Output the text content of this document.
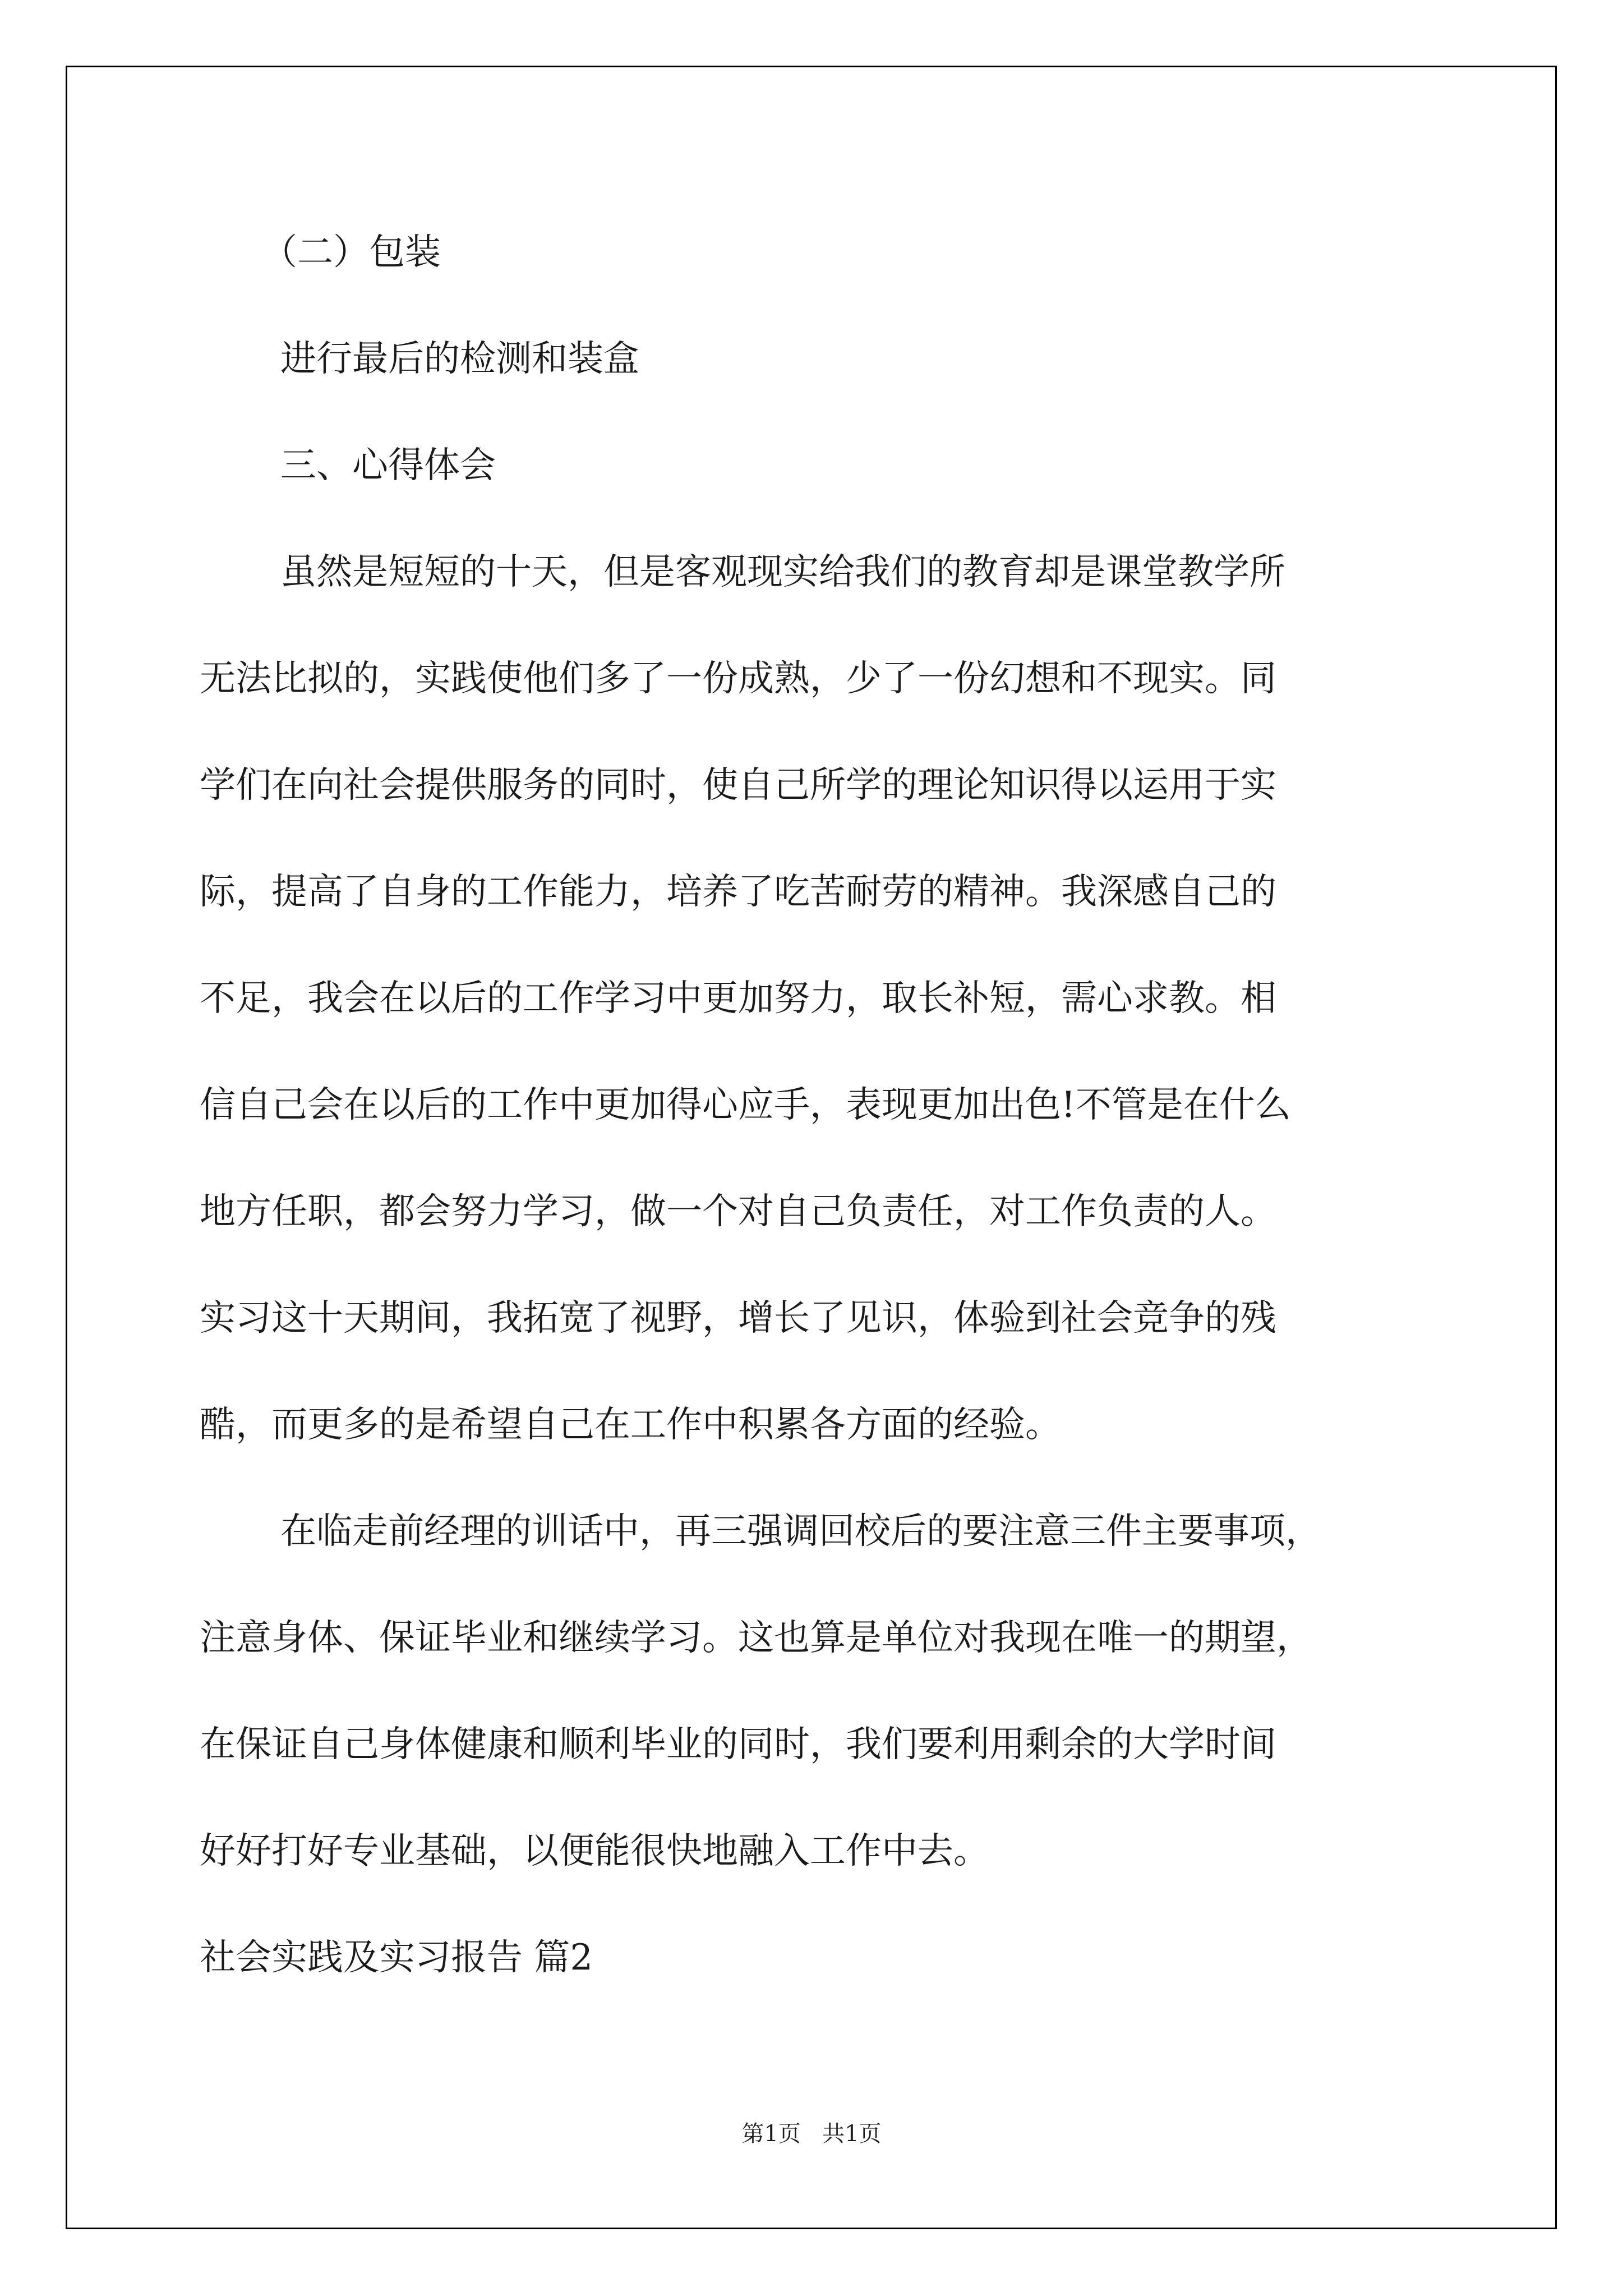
（二）包装

进行最后的检测和装盒

三、心得体会

虽然是短短的十天，但是客观现实给我们的教育却是课堂教学所

无法比拟的，实践使他们多了一份成熟，少了一份幻想和不现实。同

学们在向社会提供服务的同时，使自己所学的理论知识得以运用于实

际，提高了自身的工作能力，培养了吃苦耐劳的精神。我深感自己的

不足，我会在以后的工作学习中更加努力，取长补短，需心求教。相

信自己会在以后的工作中更加得心应手，表现更加出色!不管是在什么

地方任职，都会努力学习，做一个对自己负责任，对工作负责的人。

实习这十天期间，我拓宽了视野，增长了见识，体验到社会竞争的残

酷，而更多的是希望自己在工作中积累各方面的经验。

在临走前经理的训话中，再三强调回校后的要注意三件主要事项，

注意身体、保证毕业和继续学习。这也算是单位对我现在唯一的期望，

在保证自己身体健康和顺利毕业的同时，我们要利用剩余的大学时间

好好打好专业基础，以便能很快地融入工作中去。

社会实践及实习报告 篇2

第1页 共1页
